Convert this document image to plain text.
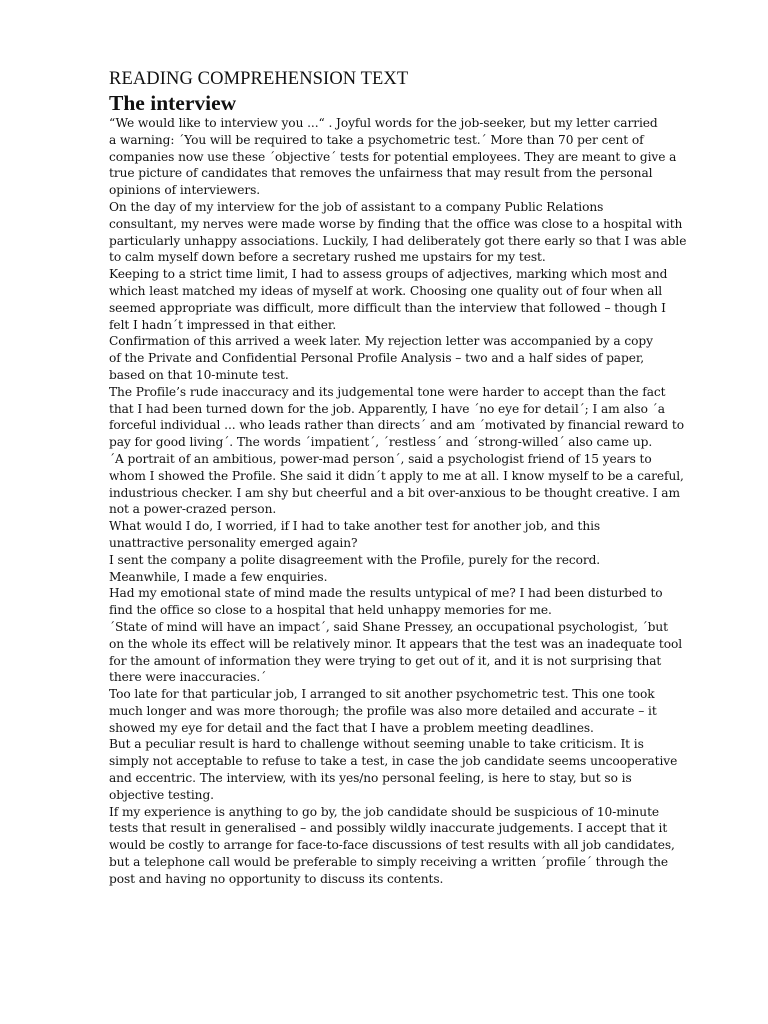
READING COMPREHENSION TEXT
The interview
“We would like to interview you ...“ . Joyful words for the job-seeker, but my letter carried
a warning: ´You will be required to take a psychometric test.´ More than 70 per cent of
companies now use these ´objective´ tests for potential employees. They are meant to give a
true picture of candidates that removes the unfairness that may result from the personal
opinions of interviewers.
On the day of my interview for the job of assistant to a company Public Relations
consultant, my nerves were made worse by finding that the office was close to a hospital with
particularly unhappy associations. Luckily, I had deliberately got there early so that I was able
to calm myself down before a secretary rushed me upstairs for my test.
Keeping to a strict time limit, I had to assess groups of adjectives, marking which most and
which least matched my ideas of myself at work. Choosing one quality out of four when all
seemed appropriate was difficult, more difficult than the interview that followed – though I
felt I hadn´t impressed in that either.
Confirmation of this arrived a week later. My rejection letter was accompanied by a copy
of the Private and Confidential Personal Profile Analysis – two and a half sides of paper,
based on that 10-minute test.
The Profile’s rude inaccuracy and its judgemental tone were harder to accept than the fact
that I had been turned down for the job. Apparently, I have ´no eye for detail´; I am also ´a
forceful individual ... who leads rather than directs´ and am ´motivated by financial reward to
pay for good living´. The words ´impatient´, ´restless´ and ´strong-willed´ also came up.
´A portrait of an ambitious, power-mad person´, said a psychologist friend of 15 years to
whom I showed the Profile. She said it didn´t apply to me at all. I know myself to be a careful,
industrious checker. I am shy but cheerful and a bit over-anxious to be thought creative. I am
not a power-crazed person.
What would I do, I worried, if I had to take another test for another job, and this
unattractive personality emerged again?
I sent the company a polite disagreement with the Profile, purely for the record.
Meanwhile, I made a few enquiries.
Had my emotional state of mind made the results untypical of me? I had been disturbed to
find the office so close to a hospital that held unhappy memories for me.
´State of mind will have an impact´, said Shane Pressey, an occupational psychologist, ´but
on the whole its effect will be relatively minor. It appears that the test was an inadequate tool
for the amount of information they were trying to get out of it, and it is not surprising that
there were inaccuracies.´
Too late for that particular job, I arranged to sit another psychometric test. This one took
much longer and was more thorough; the profile was also more detailed and accurate – it
showed my eye for detail and the fact that I have a problem meeting deadlines.
But a peculiar result is hard to challenge without seeming unable to take criticism. It is
simply not acceptable to refuse to take a test, in case the job candidate seems uncooperative
and eccentric. The interview, with its yes/no personal feeling, is here to stay, but so is
objective testing.
If my experience is anything to go by, the job candidate should be suspicious of 10-minute
tests that result in generalised – and possibly wildly inaccurate judgements. I accept that it
would be costly to arrange for face-to-face discussions of test results with all job candidates,
but a telephone call would be preferable to simply receiving a written ´profile´ through the
post and having no opportunity to discuss its contents.
